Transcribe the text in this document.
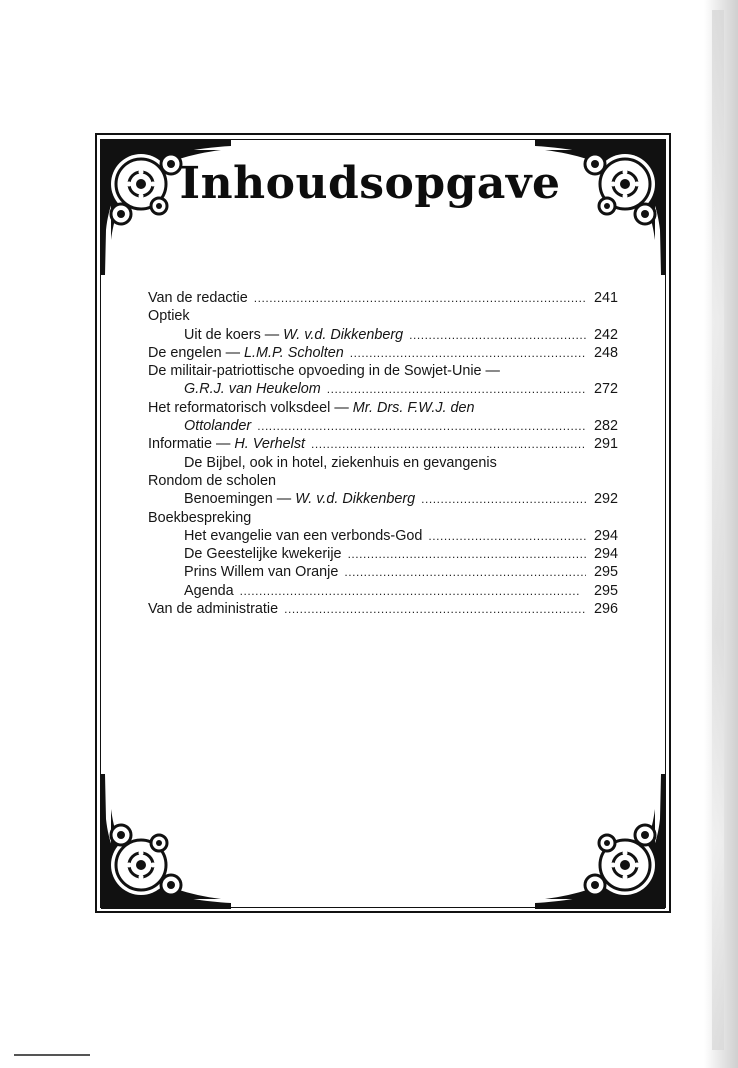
Inhoudsopgave
Van de redactie . . .	241
Optiek
Uit de koers — W. v.d. Dikkenberg . . .	242
De engelen — L.M.P. Scholten . . .	248
De militair-patriottische opvoeding in de Sowjet-Unie —
G.R.J. van Heukelom . . .	272
Het reformatorisch volksdeel — Mr. Drs. F.W.J. den
Ottolander . . .	282
Informatie — H. Verhelst . . .	291
De Bijbel, ook in hotel, ziekenhuis en gevangenis
Rondom de scholen
Benoemingen — W. v.d. Dikkenberg . . .	292
Boekbespreking
Het evangelie van een verbonds-God . . .	294
De Geestelijke kwekerije . . .	294
Prins Willem van Oranje . . .	295
Agenda . . .	295
Van de administratie . . .	296
